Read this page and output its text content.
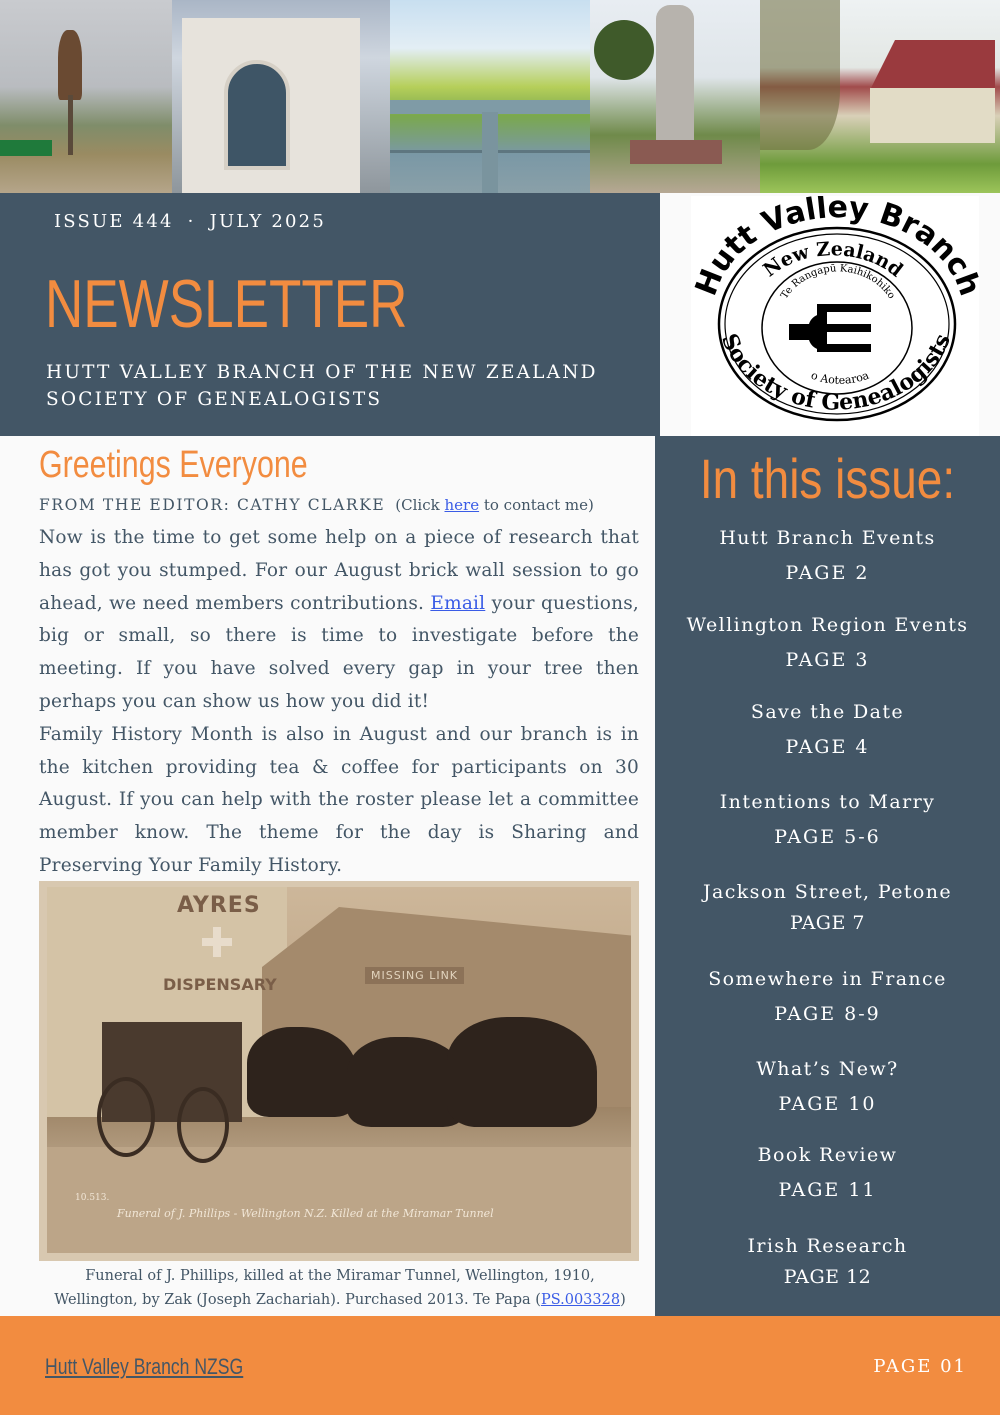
ISSUE 444 · JULY 2025
NEWSLETTER
HUTT VALLEY BRANCH OF THE NEW ZEALAND
SOCIETY OF GENEALOGISTS
Hutt Valley Branc
New Zealand
Te Rangapū Kaihikohiko
Society of Genealogists
o Aotearoa
Greetings Everyone
FROM THE EDITOR: CATHY CLARKE (Click here to contact me)

Now is the time to get some help on a piece of research that has got you stumped. For our August brick wall session to go ahead, we need members contributions. Email your questions, big or small, so there is time to investigate before the meeting. If you have solved every gap in your tree then perhaps you can show us how you did it!

Family History Month is also in August and our branch is in the kitchen providing tea & coffee for participants on 30 August. If you can help with the roster please let a committee member know. The theme for the day is Sharing and Preserving Your Family History.

AYRES
DISPENSARY	MISSING LINK
10.513.
Funeral of J. Phillips - Wellington N.Z. Killed at the Miramar Tunnel
Funeral of J. Phillips, killed at the Miramar Tunnel, Wellington, 1910,
Wellington, by Zak (Joseph Zachariah). Purchased 2013. Te Papa (PS.003328)
In this issue:
Hutt Branch Events
PAGE 2
Wellington Region Events
PAGE 3
Save the Date
PAGE 4
Intentions to Marry
PAGE 5-6
Jackson Street, Petone
PAGE 7
Somewhere in France
PAGE 8-9
What’s New?
PAGE 10
Book Review
PAGE 11
Irish Research
PAGE 12
Hutt Valley Branch NZSG	PAGE 01
